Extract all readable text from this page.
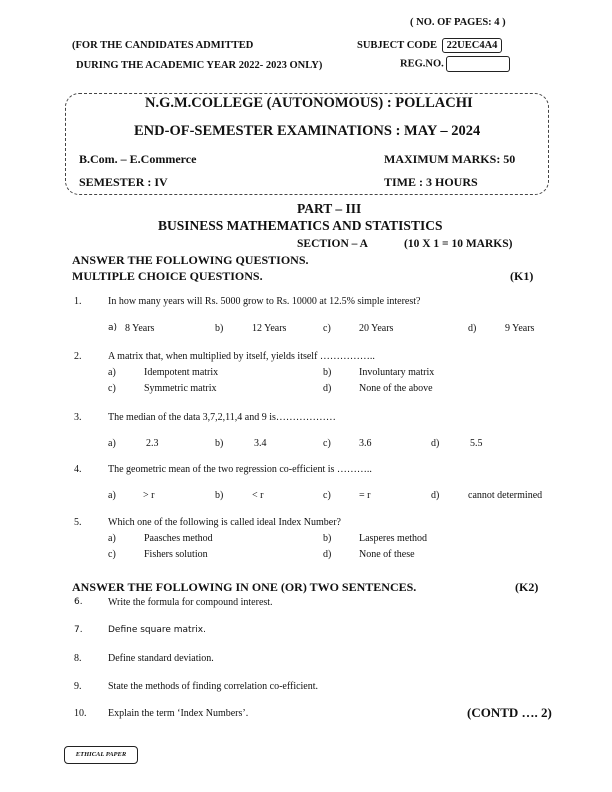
( NO. OF PAGES: 4 )
(FOR THE CANDIDATES ADMITTED
DURING THE ACADEMIC YEAR 2022- 2023 ONLY)
SUBJECT CODE 22UEC4A4
REG.NO.
N.G.M.COLLEGE (AUTONOMOUS) : POLLACHI
END-OF-SEMESTER EXAMINATIONS : MAY – 2024
B.Com. – E.Commerce	MAXIMUM MARKS: 50
SEMESTER : IV	TIME : 3 HOURS
PART – III
BUSINESS MATHEMATICS AND STATISTICS
SECTION – A	(10 X 1 = 10 MARKS)
ANSWER THE FOLLOWING QUESTIONS.
MULTIPLE CHOICE QUESTIONS.	(K1)
1.	In how many years will Rs. 5000 grow to Rs. 10000 at 12.5% simple interest?
a) 8 Years	b)	12 Years	c)	20 Years	d)	9 Years
2.	A matrix that, when multiplied by itself, yields itself ……………..
a)	Idempotent matrix	b)	Involuntary matrix
c)	Symmetric matrix	d)	None of the above
3.	The median of the data 3,7,2,11,4 and 9 is………………
a)	2.3	b)	3.4	c)	3.6	d)	5.5
4.	The geometric mean of the two regression co-efficient is ………..
a)	> r	b)	< r	c)	= r	d)	cannot determined
5.	Which one of the following is called ideal Index Number?
a)	Paasches method	b)	Lasperes method
c)	Fishers solution	d)	None of these
ANSWER THE FOLLOWING IN ONE (OR) TWO SENTENCES.	(K2)
6.	Write the formula for compound interest.
7.	Define square matrix.
8.	Define standard deviation.
9.	State the methods of finding correlation co-efficient.
10. Explain the term ‘Index Numbers’.	(CONTD …. 2)
ETHICAL PAPER
